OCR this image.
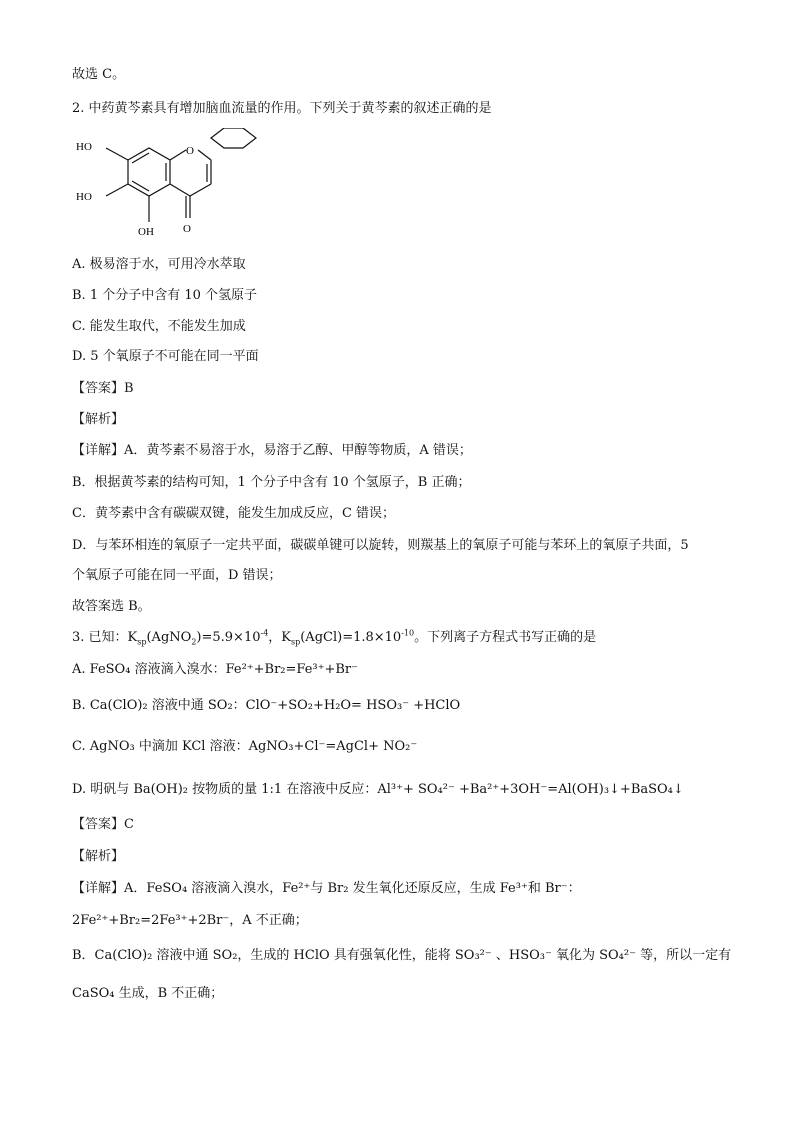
故选 C。
2. 中药黄芩素具有增加脑血流量的作用。下列关于黄芩素的叙述正确的是
HO
HO
OH
O
O
A. 极易溶于水，可用冷水萃取
B. 1 个分子中含有 10 个氢原子
C. 能发生取代，不能发生加成
D. 5 个氧原子不可能在同一平面
【答案】B
【解析】
【详解】A．黄芩素不易溶于水，易溶于乙醇、甲醇等物质，A 错误；
B．根据黄芩素的结构可知，1 个分子中含有 10 个氢原子，B 正确；
C．黄芩素中含有碳碳双键，能发生加成反应，C 错误；
D．与苯环相连的氧原子一定共平面，碳碳单键可以旋转，则羰基上的氧原子可能与苯环上的氧原子共面，5
个氧原子可能在同一平面，D 错误；
故答案选 B。
3. 已知：$K_{sp}(AgNO_2)=5.9\times 10^{-4}$，$K_{sp}(AgCl)=1.8\times 10^{-10}$。下列离子方程式书写正确的是
A. FeSO₄ 溶液滴入溴水：Fe²⁺+Br₂=Fe³⁺+Br⁻
B. Ca(ClO)₂ 溶液中通 SO₂：ClO⁻+SO₂+H₂O= HSO₃⁻ +HClO
C. AgNO₃ 中滴加 KCl 溶液：AgNO₃+Cl⁻=AgCl+ NO₂⁻
D. 明矾与 Ba(OH)₂ 按物质的量 1:1 在溶液中反应：Al³⁺+ SO₄²⁻ +Ba²⁺+3OH⁻=Al(OH)₃↓+BaSO₄↓
【答案】C
【解析】
【详解】A．FeSO₄ 溶液滴入溴水，Fe²⁺与 Br₂ 发生氧化还原反应，生成 Fe³⁺和 Br⁻：
2Fe²⁺+Br₂=2Fe³⁺+2Br⁻，A 不正确；
B．Ca(ClO)₂ 溶液中通 SO₂，生成的 HClO 具有强氧化性，能将 SO₃²⁻ 、HSO₃⁻ 氧化为 SO₄²⁻ 等，所以一定有
CaSO₄ 生成，B 不正确；
